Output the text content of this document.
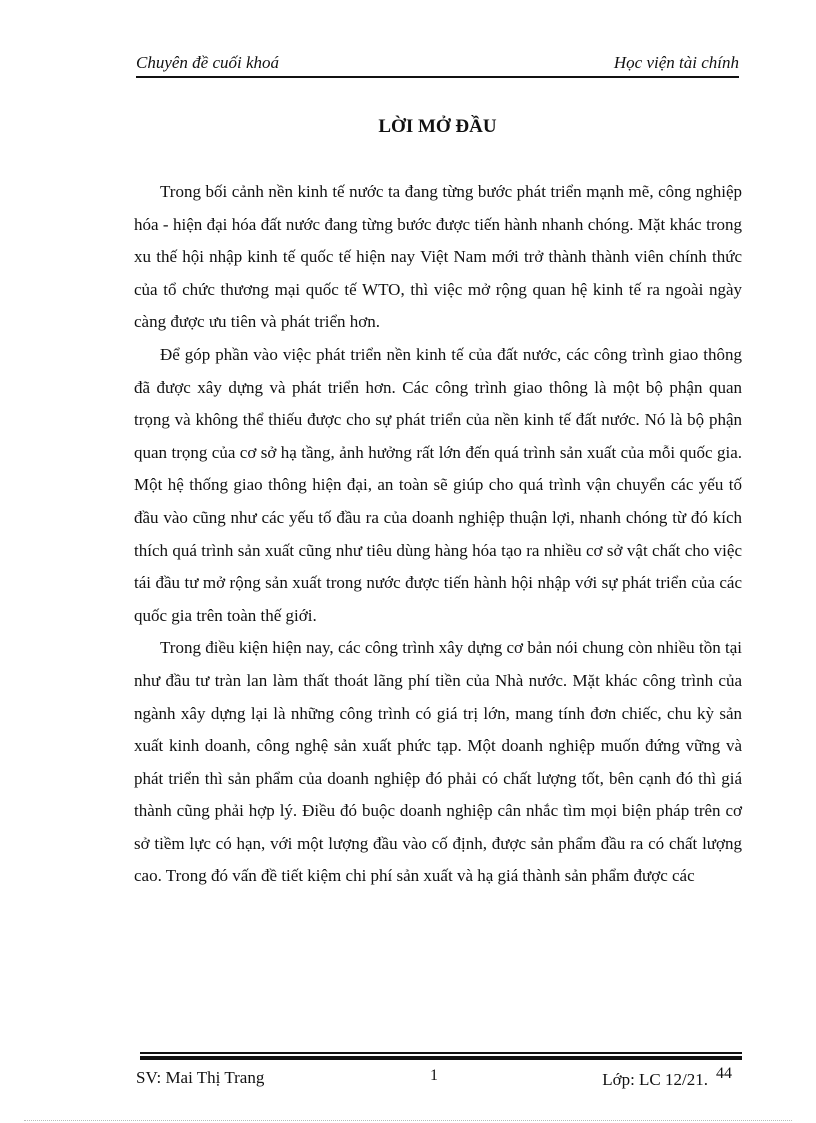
Chuyên đề cuối khoá	Học viện tài chính
LỜI MỞ ĐẦU

Trong bối cảnh nền kinh tế nước ta đang từng bước phát triển mạnh mẽ, công nghiệp hóa - hiện đại hóa đất nước đang từng bước được tiến hành nhanh chóng. Mặt khác trong xu thế hội nhập kinh tế quốc tế hiện nay Việt Nam mới trở thành thành viên chính thức của tổ chức thương mại quốc tế WTO, thì việc mở rộng quan hệ kinh tế ra ngoài ngày càng được ưu tiên và phát triển hơn.

Để góp phần vào việc phát triển nền kinh tế của đất nước, các công trình giao thông đã được xây dựng và phát triển hơn. Các công trình giao thông là một bộ phận quan trọng và không thể thiếu được cho sự phát triển của nền kinh tế đất nước. Nó là bộ phận quan trọng của cơ sở hạ tầng, ảnh hưởng rất lớn đến quá trình sản xuất của mỗi quốc gia. Một hệ thống giao thông hiện đại, an toàn sẽ giúp cho quá trình vận chuyển các yếu tố đầu vào cũng như các yếu tố đầu ra của doanh nghiệp thuận lợi, nhanh chóng từ đó kích thích quá trình sản xuất cũng như tiêu dùng hàng hóa tạo ra nhiều cơ sở vật chất cho việc tái đầu tư mở rộng sản xuất trong nước được tiến hành hội nhập với sự phát triển của các quốc gia trên toàn thế giới.

Trong điều kiện hiện nay, các công trình xây dựng cơ bản nói chung còn nhiều tồn tại như đầu tư tràn lan làm thất thoát lãng phí tiền của Nhà nước. Mặt khác công trình của ngành xây dựng lại là những công trình có giá trị lớn, mang tính đơn chiếc, chu kỳ sản xuất kinh doanh, công nghệ sản xuất phức tạp. Một doanh nghiệp muốn đứng vững và phát triển thì sản phẩm của doanh nghiệp đó phải có chất lượng tốt, bên cạnh đó thì giá thành cũng phải hợp lý. Điều đó buộc doanh nghiệp cân nhắc tìm mọi biện pháp trên cơ sở tiềm lực có hạn, với một lượng đầu vào cố định, được sản phẩm đầu ra có chất lượng cao. Trong đó vấn đề tiết kiệm chi phí sản xuất và hạ giá thành sản phẩm được các

SV: Mai Thị Trang	1	Lớp: LC 12/21. 44
